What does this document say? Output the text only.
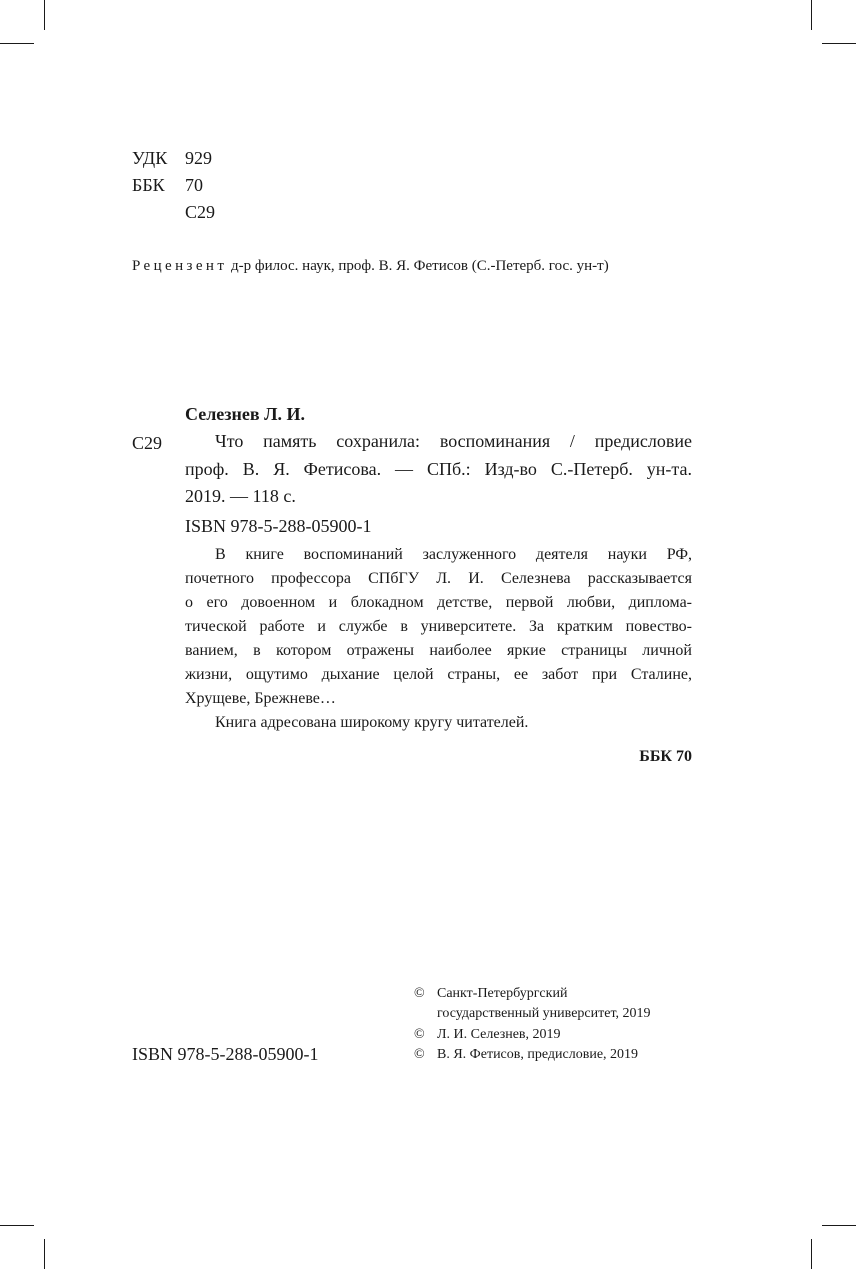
УДК 929
ББК 70
С29
Рецензент д-р филос. наук, проф. В. Я. Фетисов (С.-Петерб. гос. ун-т)
Селезнев Л. И.
С29	Что память сохранила: воспоминания / предисловие
проф. В. Я. Фетисова. — СПб.: Изд-во С.-Петерб. ун-та.
2019. — 118 с.
ISBN 978-5-288-05900-1
В книге воспоминаний заслуженного деятеля науки РФ,
почетного профессора СПбГУ Л. И. Селезнева рассказывается
о его довоенном и блокадном детстве, первой любви, диплома-
тической работе и службе в университете. За кратким повество-
ванием, в котором отражены наиболее яркие страницы личной
жизни, ощутимо дыхание целой страны, ее забот при Сталине,
Хрущеве, Брежневе…
Книга адресована широкому кругу читателей.
ББК 70
ISBN 978-5-288-05900-1
© Санкт-Петербургский
государственный университет, 2019
© Л. И. Селезнев, 2019
© В. Я. Фетисов, предисловие, 2019
